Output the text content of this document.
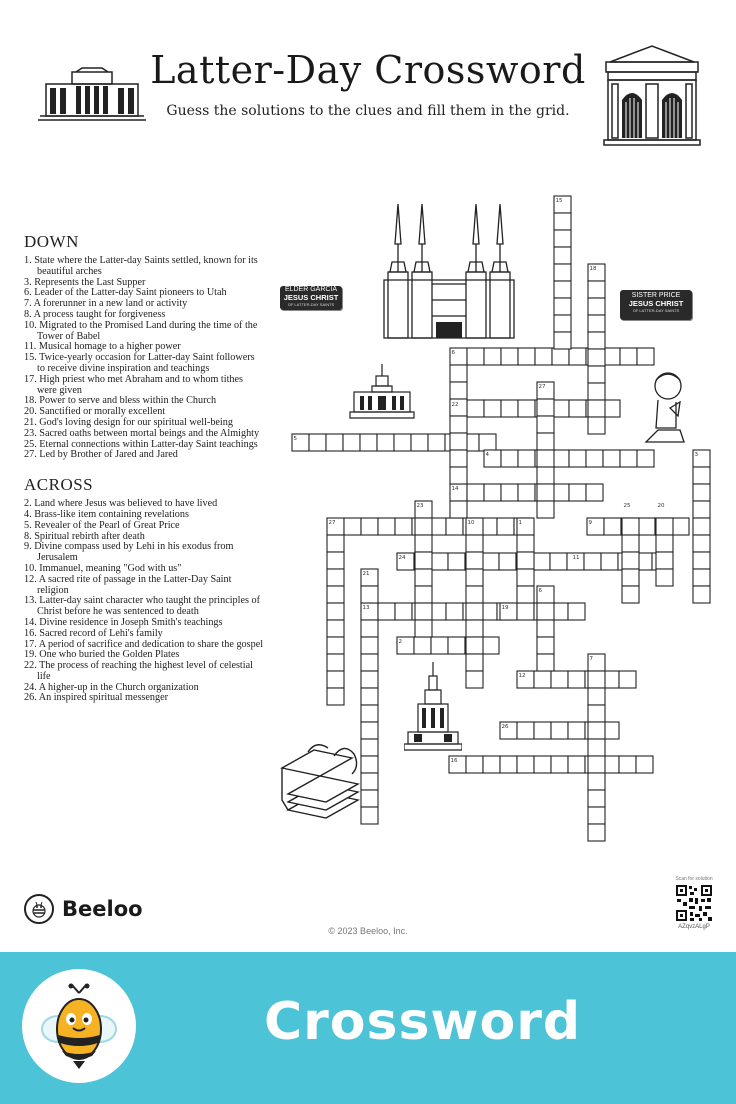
Latter-Day Crossword
Guess the solutions to the clues and fill them in the grid.
DOWN
1. State where the Latter-day Saints settled, known for its beautiful arches
3. Represents the Last Supper
6. Leader of the Latter-day Saint pioneers to Utah
7. A forerunner in a new land or activity
8. A process taught for forgiveness
10. Migrated to the Promised Land during the time of the Tower of Babel
11. Musical homage to a higher power
15. Twice-yearly occasion for Latter-day Saint followers to receive divine inspiration and teachings
17. High priest who met Abraham and to whom tithes were given
18. Power to serve and bless within the Church
20. Sanctified or morally excellent
21. God's loving design for our spiritual well-being
23. Sacred oaths between mortal beings and the Almighty
25. Eternal connections within Latter-day Saint teachings
27. Led by Brother of Jared and Jared
ACROSS
2. Land where Jesus was believed to have lived
4. Brass-like item containing revelations
5. Revealer of the Pearl of Great Price
8. Spiritual rebirth after death
9. Divine compass used by Lehi in his exodus from Jerusalem
10. Immanuel, meaning "God with us"
12. A sacred rite of passage in the Latter-Day Saint religion
13. Latter-day saint character who taught the principles of Christ before he was sentenced to death
14. Divine residence in Joseph Smith's teachings
16. Sacred record of Lehi's family
17. A period of sacrifice and dedication to share the gospel
19. One who buried the Golden Plates
22. The process of reaching the highest level of celestial life
24. A higher-up in the Church organization
26. An inspired spiritual messenger
15
18
6
27
22
5
4	3
14
23	25	20
27	10	1	9
24	11
21
13
6
19
2
7
12
26
16
ELDER GARCIA
JESUS CHRIST
OF LATTER-DAY SAINTS
SISTER PRICE
JESUS CHRIST
OF LATTER-DAY SAINTS
Beeloo
© 2023 Beeloo, Inc.
Scan for solution
AZqvzALgP
Crossword
